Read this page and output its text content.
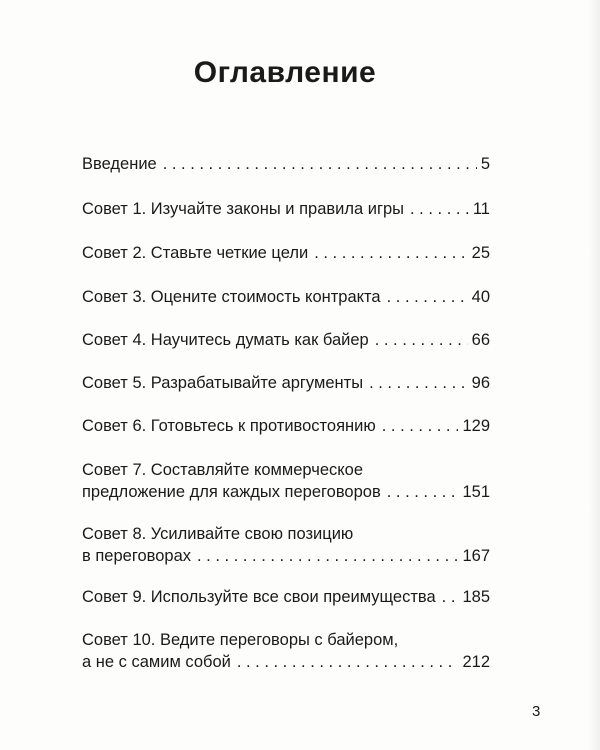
Оглавление
Введение . . .	5
Совет 1. Изучайте законы и правила игры . . .	11
Совет 2. Ставьте четкие цели . . .	25
Совет 3. Оцените стоимость контракта . . .	40
Совет 4. Научитесь думать как байер . . .	66
Совет 5. Разрабатывайте аргументы . . .	96
Совет 6. Готовьтесь к противостоянию . . .	129
Совет 7. Составляйте коммерческое
предложение для каждых переговоров . . .	151
Совет 8. Усиливайте свою позицию
в переговорах . . .	167
Совет 9. Используйте все свои преимущества . . . 185
Совет 10. Ведите переговоры с байером,
а не с самим собой . . .	212
3
